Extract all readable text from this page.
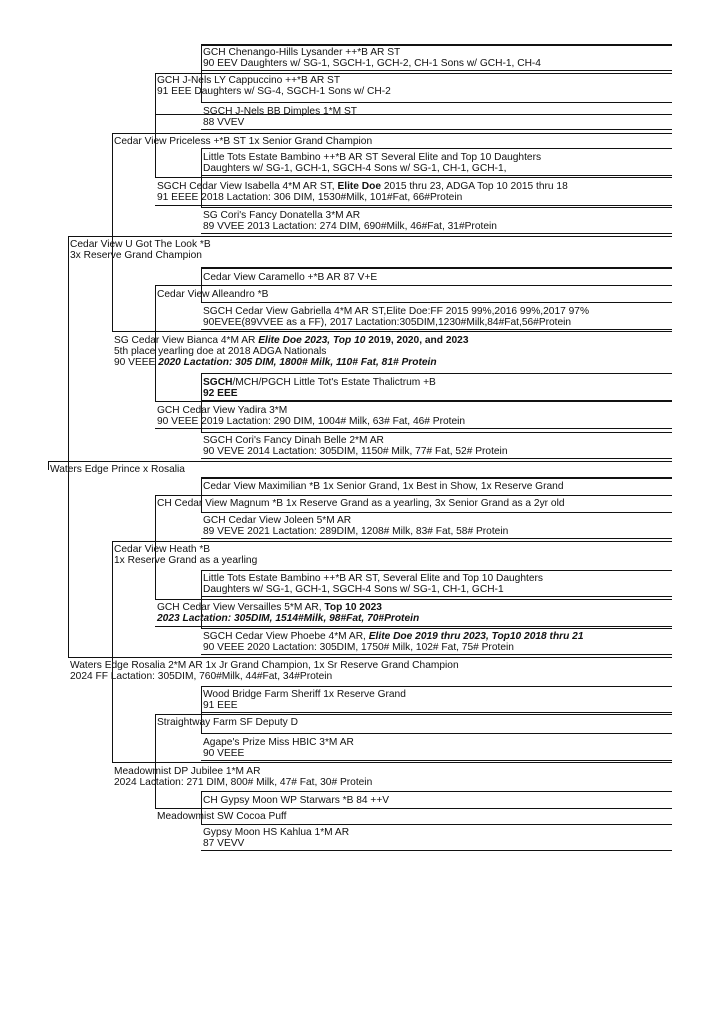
GCH Chenango-Hills Lysander ++*B AR ST
90 EEV Daughters w/ SG-1, SGCH-1, GCH-2, CH-1 Sons w/ GCH-1, CH-4
GCH J-Nels LY Cappuccino ++*B AR ST
91 EEE Daughters w/ SG-4, SGCH-1 Sons w/ CH-2
SGCH J-Nels BB Dimples 1*M ST
88 VVEV
Cedar View Priceless +*B ST 1x Senior Grand Champion
Little Tots Estate Bambino ++*B AR ST Several Elite and Top 10 Daughters
Daughters w/ SG-1, GCH-1, SGCH-4 Sons w/ SG-1, CH-1, GCH-1,
SGCH Cedar View Isabella 4*M AR ST, Elite Doe 2015 thru 23, ADGA Top 10 2015 thru 18
91 EEEE 2018 Lactation: 306 DIM, 1530#Milk, 101#Fat, 66#Protein
SG Cori's Fancy Donatella 3*M AR
89 VVEE 2013 Lactation: 274 DIM, 690#Milk, 46#Fat, 31#Protein
Cedar View U Got The Look *B
3x Reserve Grand Champion
Cedar View Caramello +*B AR 87 V+E
Cedar View Alleandro *B
SGCH Cedar View Gabriella 4*M AR ST,Elite Doe:FF 2015 99%,2016 99%,2017 97%
90EVEE(89VVEE as a FF), 2017 Lactation:305DIM,1230#Milk,84#Fat,56#Protein
SG Cedar View Bianca 4*M AR Elite Doe 2023, Top 10 2019, 2020, and 2023
5th place yearling doe at 2018 ADGA Nationals
90 VEEE 2020 Lactation: 305 DIM, 1800# Milk, 110# Fat, 81# Protein
SGCH/MCH/PGCH Little Tot's Estate Thalictrum +B
92 EEE
GCH Cedar View Yadira 3*M
90 VEEE 2019 Lactation: 290 DIM, 1004# Milk, 63# Fat, 46# Protein
SGCH Cori's Fancy Dinah Belle 2*M AR
90 VEVE 2014 Lactation: 305DIM, 1150# Milk, 77# Fat, 52# Protein
Waters Edge Prince x Rosalia
Cedar View Maximilian *B 1x Senior Grand, 1x Best in Show, 1x Reserve Grand
CH Cedar View Magnum *B 1x Reserve Grand as a yearling, 3x Senior Grand as a 2yr old
GCH Cedar View Joleen 5*M AR
89 VEVE 2021 Lactation: 289DIM, 1208# Milk, 83# Fat, 58# Protein
Cedar View Heath *B
1x Reserve Grand as a yearling
Little Tots Estate Bambino ++*B AR ST, Several Elite and Top 10 Daughters
Daughters w/ SG-1, GCH-1, SGCH-4 Sons w/ SG-1, CH-1, GCH-1
GCH Cedar View Versailles 5*M AR, Top 10 2023
2023 Lactation: 305DIM, 1514#Milk, 98#Fat, 70#Protein
SGCH Cedar View Phoebe 4*M AR, Elite Doe 2019 thru 2023, Top10 2018 thru 21
90 VEEE 2020 Lactation: 305DIM, 1750# Milk, 102# Fat, 75# Protein
Waters Edge Rosalia 2*M AR 1x Jr Grand Champion, 1x Sr Reserve Grand Champion
2024 FF Lactation: 305DIM, 760#Milk, 44#Fat, 34#Protein
Wood Bridge Farm Sheriff 1x Reserve Grand
91 EEE
Straightway Farm SF Deputy D
Agape's Prize Miss HBIC 3*M AR
90 VEEE
Meadowmist DP Jubilee 1*M AR
2024 Lactation: 271 DIM, 800# Milk, 47# Fat, 30# Protein
CH Gypsy Moon WP Starwars *B 84 ++V
Meadowmist SW Cocoa Puff
Gypsy Moon HS Kahlua 1*M AR
87 VEVV
